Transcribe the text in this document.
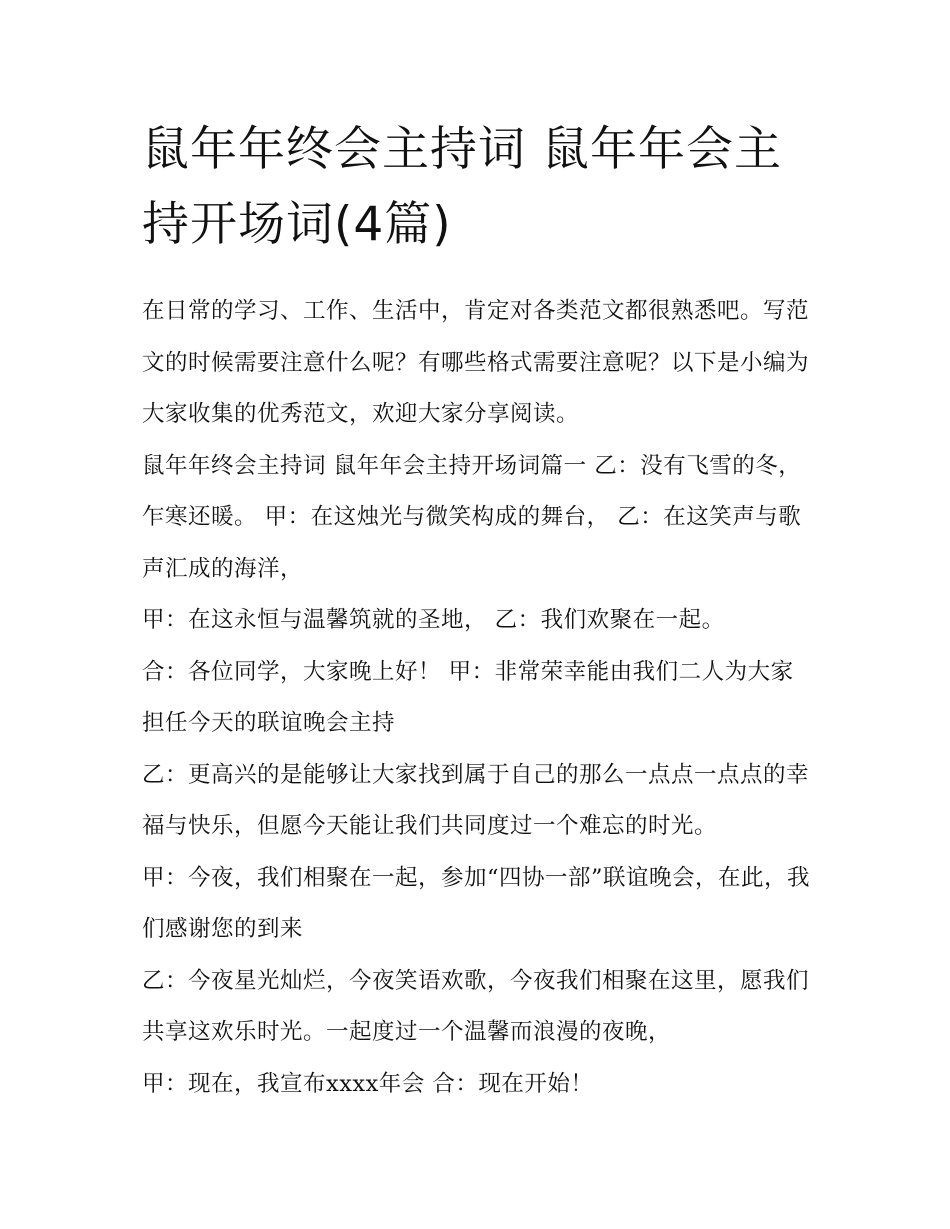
鼠年年终会主持词 鼠年年会主持开场词(4篇)

在日常的学习、工作、生活中，肯定对各类范文都很熟悉吧。写范文的时候需要注意什么呢？有哪些格式需要注意呢？以下是小编为大家收集的优秀范文，欢迎大家分享阅读。

鼠年年终会主持词 鼠年年会主持开场词篇一 乙：没有飞雪的冬，乍寒还暖。 甲：在这烛光与微笑构成的舞台， 乙：在这笑声与歌声汇成的海洋，

甲：在这永恒与温馨筑就的圣地， 乙：我们欢聚在一起。

合：各位同学，大家晚上好！ 甲：非常荣幸能由我们二人为大家担任今天的联谊晚会主持

乙：更高兴的是能够让大家找到属于自己的那么一点点一点点的幸福与快乐，但愿今天能让我们共同度过一个难忘的时光。

甲：今夜，我们相聚在一起，参加“四协一部”联谊晚会，在此，我们感谢您的到来

乙：今夜星光灿烂，今夜笑语欢歌，今夜我们相聚在这里，愿我们共享这欢乐时光。一起度过一个温馨而浪漫的夜晚，

甲：现在，我宣布xxxx年会 合：现在开始！
